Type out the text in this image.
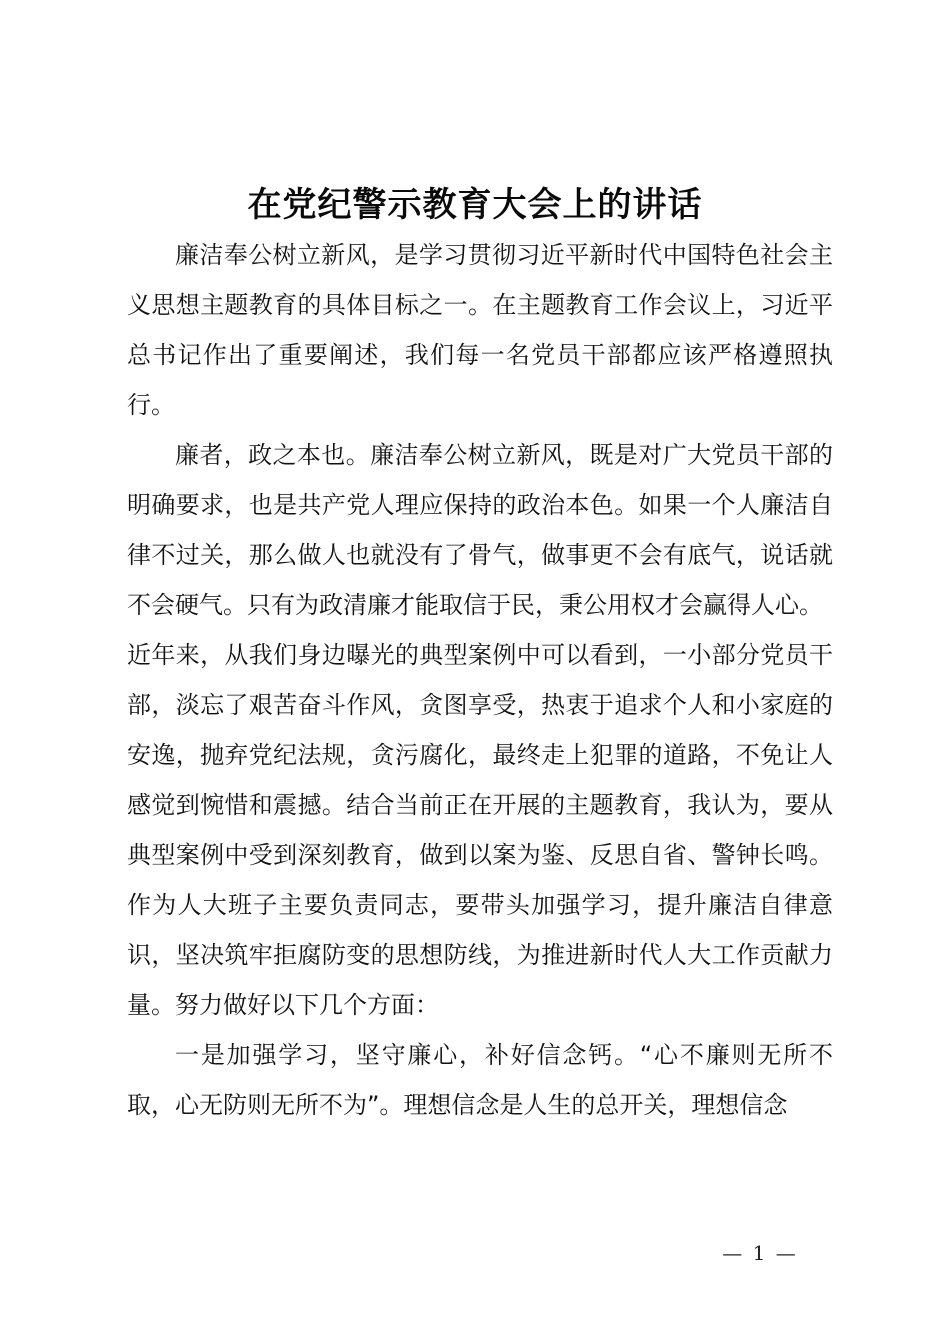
在党纪警示教育大会上的讲话

廉洁奉公树立新风，是学习贯彻习近平新时代中国特色社会主义思想主题教育的具体目标之一。在主题教育工作会议上，习近平总书记作出了重要阐述，我们每一名党员干部都应该严格遵照执行。

廉者，政之本也。廉洁奉公树立新风，既是对广大党员干部的明确要求，也是共产党人理应保持的政治本色。如果一个人廉洁自律不过关，那么做人也就没有了骨气，做事更不会有底气，说话就不会硬气。只有为政清廉才能取信于民，秉公用权才会赢得人心。

近年来，从我们身边曝光的典型案例中可以看到，一小部分党员干部，淡忘了艰苦奋斗作风，贪图享受，热衷于追求个人和小家庭的安逸，抛弃党纪法规，贪污腐化，最终走上犯罪的道路，不免让人感觉到惋惜和震撼。结合当前正在开展的主题教育，我认为，要从典型案例中受到深刻教育，做到以案为鉴、反思自省、警钟长鸣。作为人大班子主要负责同志，要带头加强学习，提升廉洁自律意识，坚决筑牢拒腐防变的思想防线，为推进新时代人大工作贡献力量。努力做好以下几个方面：

一是加强学习，坚守廉心，补好信念钙。“心不廉则无所不取，心无防则无所不为”。理想信念是人生的总开关，理想信念

— 1 —
